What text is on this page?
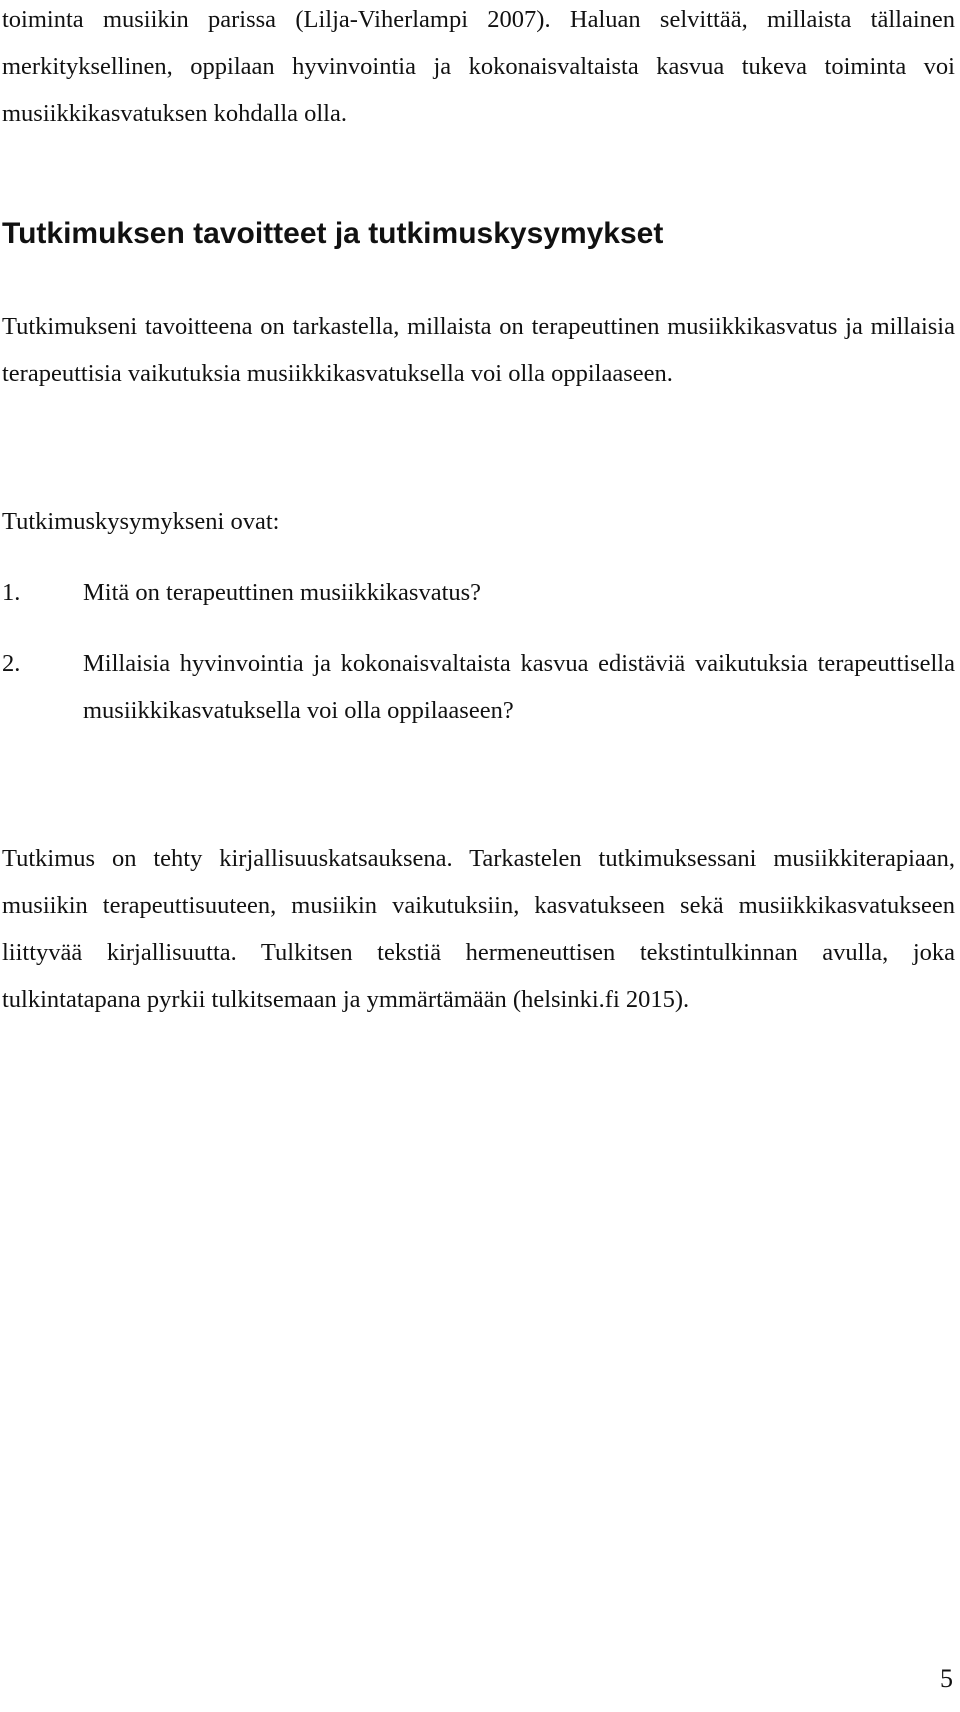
toiminta musiikin parissa (Lilja-Viherlampi 2007). Haluan selvittää, millaista tällainen merkityksellinen, oppilaan hyvinvointia ja kokonaisvaltaista kasvua tukeva toiminta voi musiikkikasvatuksen kohdalla olla.

Tutkimuksen tavoitteet ja tutkimuskysymykset

Tutkimukseni tavoitteena on tarkastella, millaista on terapeuttinen musiikkikasvatus ja millaisia terapeuttisia vaikutuksia musiikkikasvatuksella voi olla oppilaaseen.

Tutkimuskysymykseni ovat:

1.	Mitä on terapeuttinen musiikkikasvatus?
2.	Millaisia hyvinvointia ja kokonaisvaltaista kasvua edistäviä vaikutuksia terapeuttisella musiikkikasvatuksella voi olla oppilaaseen?

Tutkimus on tehty kirjallisuuskatsauksena. Tarkastelen tutkimuksessani musiikkiterapiaan, musiikin terapeuttisuuteen, musiikin vaikutuksiin, kasvatukseen sekä musiikkikasvatukseen liittyvää kirjallisuutta. Tulkitsen tekstiä hermeneuttisen tekstintulkinnan avulla, joka tulkintatapana pyrkii tulkitsemaan ja ymmärtämään (helsinki.fi 2015).

5
